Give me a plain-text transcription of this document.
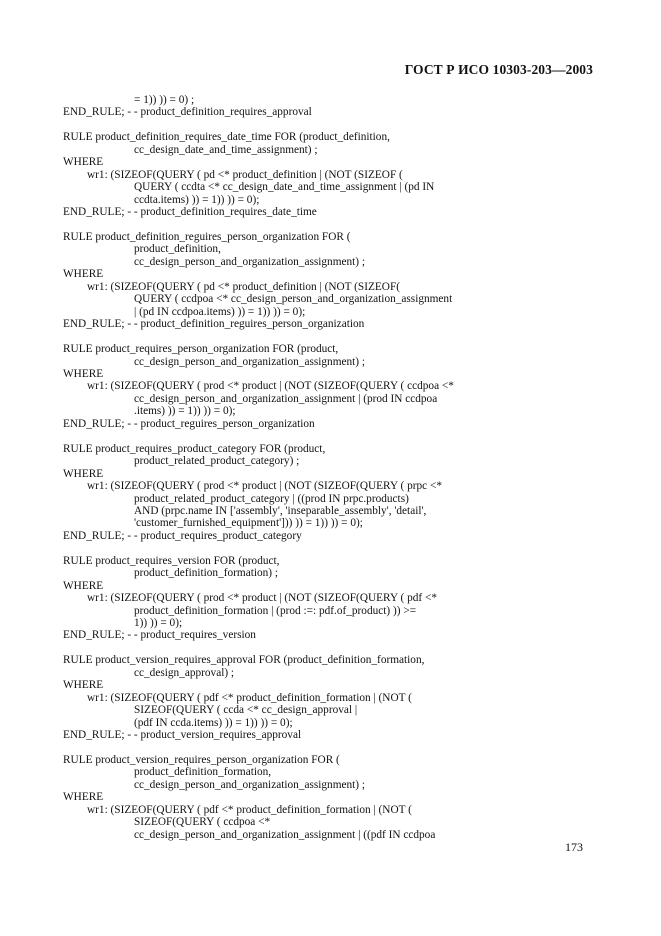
ГОСТ Р ИСО 10303-203—2003
= 1)) )) = 0) ;
END_RULE; - - product_definition_requires_approval
RULE product_definition_requires_date_time FOR (product_definition,
cc_design_date_and_time_assignment) ;
WHERE
wr1: (SIZEOF(QUERY ( pd <* product_definition | (NOT (SIZEOF (
QUERY ( ccdta <* cc_design_date_and_time_assignment | (pd IN
ccdta.items) )) = 1)) )) = 0);
END_RULE; - - product_definition_requires_date_time
RULE product_definition_reguires_person_organization FOR (
product_definition,
cc_design_person_and_organization_assignment) ;
WHERE
wr1: (SIZEOF(QUERY ( pd <* product_definition | (NOT (SIZEOF(
QUERY ( ccdpoa <* cc_design_person_and_organization_assignment
| (pd IN ccdpoa.items) )) = 1)) )) = 0);
END_RULE; - - product_definition_reguires_person_organization
RULE product_requires_person_organization FOR (product,
cc_design_person_and_organization_assignment) ;
WHERE
wr1: (SIZEOF(QUERY ( prod <* product | (NOT (SIZEOF(QUERY ( ccdpoa <*
cc_design_person_and_organization_assignment | (prod IN ccdpoa
.items) )) = 1)) )) = 0);
END_RULE; - - product_reguires_person_organization
RULE product_requires_product_category FOR (product,
product_related_product_category) ;
WHERE
wr1: (SIZEOF(QUERY ( prod <* product | (NOT (SIZEOF(QUERY ( prpc <*
product_related_product_category | ((prod IN prpc.products)
AND (prpc.name IN ['assembly', 'inseparable_assembly', 'detail',
'customer_furnished_equipment'])) )) = 1)) )) = 0);
END_RULE; - - product_requires_product_category
RULE product_requires_version FOR (product,
product_definition_formation) ;
WHERE
wr1: (SIZEOF(QUERY ( prod <* product | (NOT (SIZEOF(QUERY ( pdf <*
product_definition_formation | (prod :=: pdf.of_product) )) >=
1)) )) = 0);
END_RULE; - - product_requires_version
RULE product_version_requires_approval FOR (product_definition_formation,
cc_design_approval) ;
WHERE
wr1: (SIZEOF(QUERY ( pdf <* product_definition_formation | (NOT (
SIZEOF(QUERY ( ccda <* cc_design_approval |
(pdf IN ccda.items) )) = 1)) )) = 0);
END_RULE; - - product_version_requires_approval
RULE product_version_requires_person_organization FOR (
product_definition_formation,
cc_design_person_and_organization_assignment) ;
WHERE
wr1: (SIZEOF(QUERY ( pdf <* product_definition_formation | (NOT (
SIZEOF(QUERY ( ccdpoa <*
cc_design_person_and_organization_assignment | ((pdf IN ccdpoa
173
